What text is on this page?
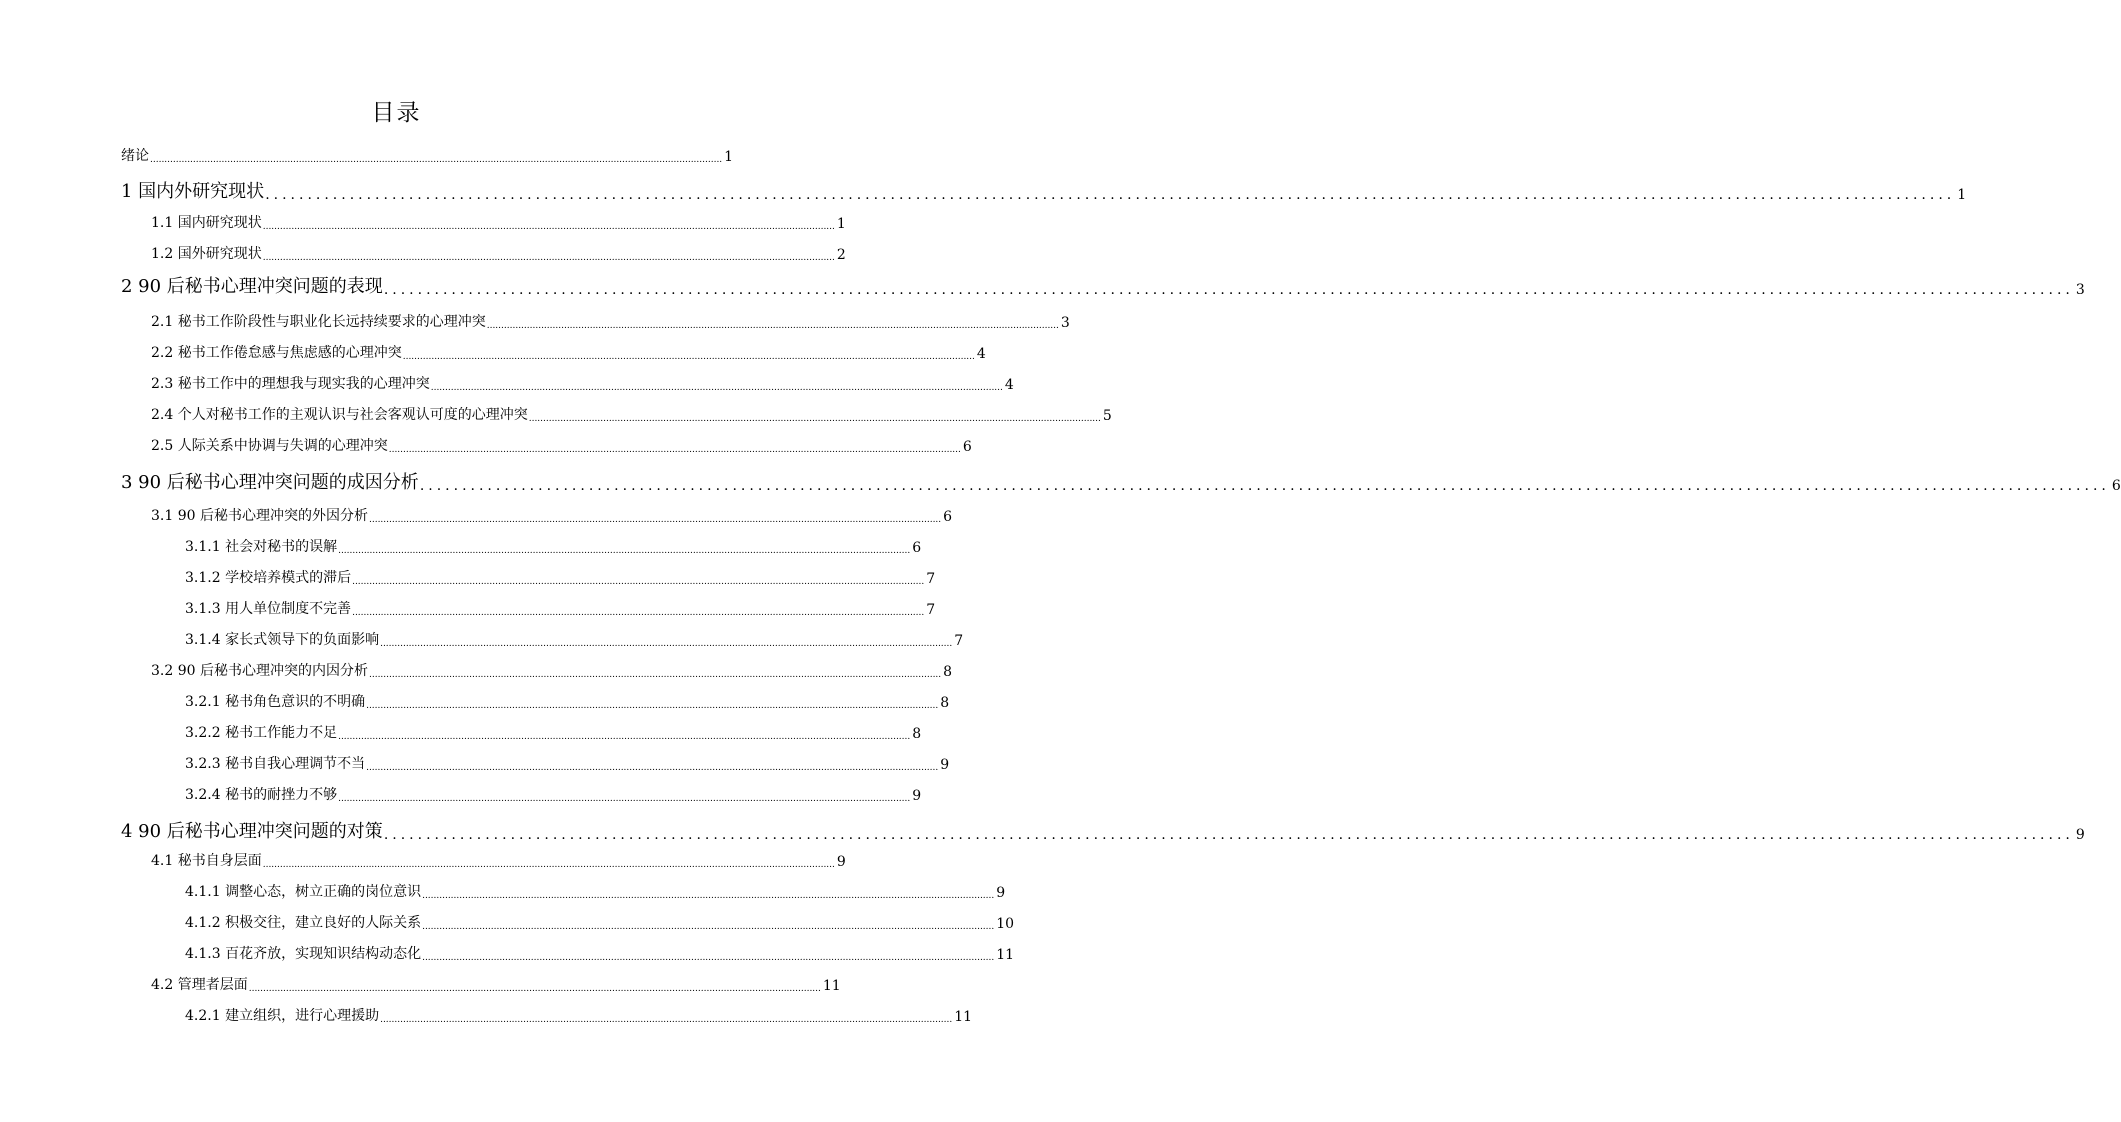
目录
绪论 ........................................................................................................................................................................................................ 1
1 国内外研究现状 ........................................................................................................................................................................................................ 1
1.1 国内研究现状 ........................................................................................................................................................................................................ 1
1.2 国外研究现状 ........................................................................................................................................................................................................ 2
2 90 后秘书心理冲突问题的表现 ........................................................................................................................................................................................................ 3
2.1 秘书工作阶段性与职业化长远持续要求的心理冲突 ........................................................................................................................................................................................................ 3
2.2 秘书工作倦怠感与焦虑感的心理冲突 ........................................................................................................................................................................................................ 4
2.3 秘书工作中的理想我与现实我的心理冲突 ........................................................................................................................................................................................................ 4
2.4 个人对秘书工作的主观认识与社会客观认可度的心理冲突 ........................................................................................................................................................................................................ 5
2.5 人际关系中协调与失调的心理冲突 ........................................................................................................................................................................................................ 6
3 90 后秘书心理冲突问题的成因分析 ........................................................................................................................................................................................................ 6
3.1 90 后秘书心理冲突的外因分析 ........................................................................................................................................................................................................ 6
3.1.1 社会对秘书的误解 ........................................................................................................................................................................................................ 6
3.1.2 学校培养模式的滞后 ........................................................................................................................................................................................................ 7
3.1.3 用人单位制度不完善 ........................................................................................................................................................................................................ 7
3.1.4 家长式领导下的负面影响 ........................................................................................................................................................................................................ 7
3.2 90 后秘书心理冲突的内因分析 ........................................................................................................................................................................................................ 8
3.2.1 秘书角色意识的不明确 ........................................................................................................................................................................................................ 8
3.2.2 秘书工作能力不足 ........................................................................................................................................................................................................ 8
3.2.3 秘书自我心理调节不当 ........................................................................................................................................................................................................ 9
3.2.4 秘书的耐挫力不够 ........................................................................................................................................................................................................ 9
4 90 后秘书心理冲突问题的对策 ........................................................................................................................................................................................................ 9
4.1 秘书自身层面 ........................................................................................................................................................................................................ 9
4.1.1 调整心态，树立正确的岗位意识 ........................................................................................................................................................................................................ 9
4.1.2 积极交往，建立良好的人际关系 ........................................................................................................................................................................................................ 10
4.1.3 百花齐放，实现知识结构动态化 ........................................................................................................................................................................................................ 11
4.2 管理者层面 ........................................................................................................................................................................................................ 11
4.2.1 建立组织，进行心理援助 ........................................................................................................................................................................................................ 11
